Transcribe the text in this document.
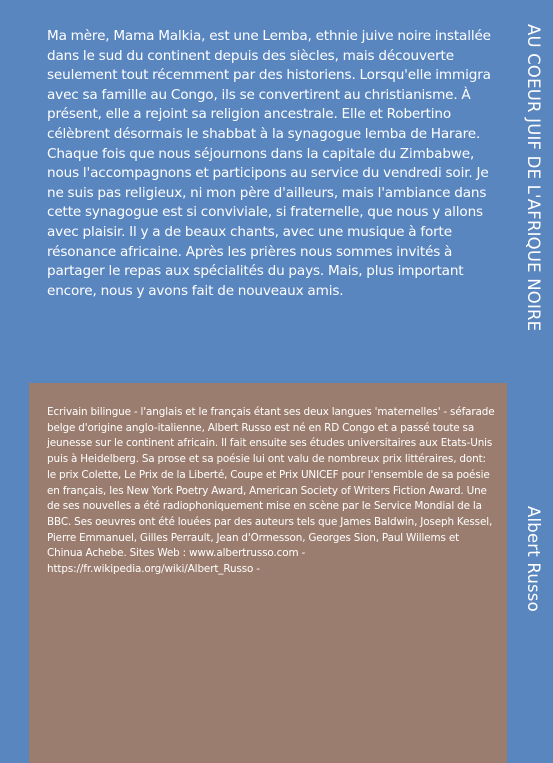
Ma mère, Mama Malkia, est une Lemba, ethnie juive noire installée dans le sud du continent depuis des siècles, mais découverte seulement tout récemment par des historiens. Lorsqu'elle immigra avec sa famille au Congo, ils se convertirent au christianisme. À présent, elle a rejoint sa religion ancestrale. Elle et Robertino célèbrent désormais le shabbat à la synagogue lemba de Harare. Chaque fois que nous séjournons dans la capitale du Zimbabwe, nous l'accompagnons et participons au service du vendredi soir. Je ne suis pas religieux, ni mon père d'ailleurs, mais l'ambiance dans cette synagogue est si conviviale, si fraternelle, que nous y allons avec plaisir. Il y a de beaux chants, avec une musique à forte résonance africaine. Après les prières nous sommes invités à partager le repas aux spécialités du pays. Mais, plus important encore, nous y avons fait de nouveaux amis.	AU COEUR JUIF DE L'AFRIQUE NOIRE

Ecrivain bilingue - l'anglais et le français étant ses deux langues 'maternelles' - séfarade belge d'origine anglo-italienne, Albert Russo est né en RD Congo et a passé toute sa jeunesse sur le continent africain. Il fait ensuite ses études universitaires aux Etats-Unis puis à Heidelberg. Sa prose et sa poésie lui ont valu de nombreux prix littéraires, dont: le prix Colette, Le Prix de la Liberté, Coupe et Prix UNICEF pour l'ensemble de sa poésie en français, les New York Poetry Award, American Society of Writers Fiction Award. Une de ses nouvelles a été radiophoniquement mise en scène par le Service Mondial de la BBC. Ses oeuvres ont été louées par des auteurs tels que James Baldwin, Joseph Kessel, Pierre Emmanuel, Gilles Perrault, Jean d'Ormesson, Georges Sion, Paul Willems et Chinua Achebe. Sites Web : www.albertrusso.com - https://fr.wikipedia.org/wiki/Albert_Russo -	Albert Russo
